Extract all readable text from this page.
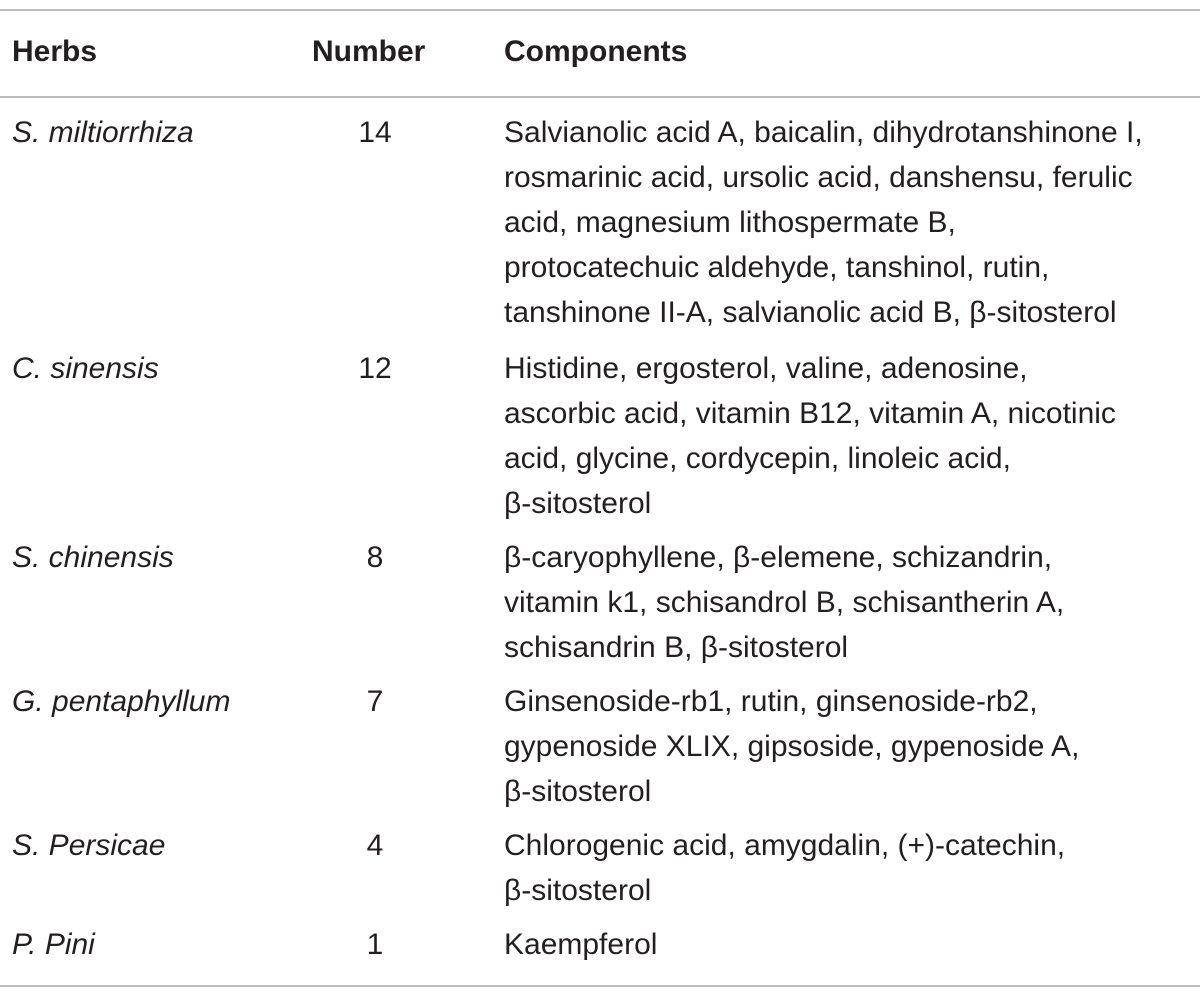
Herbs	Number	Components
S. miltiorrhiza	14	Salvianolic acid A, baicalin, dihydrotanshinone I,
rosmarinic acid, ursolic acid, danshensu, ferulic
acid, magnesium lithospermate B,
protocatechuic aldehyde, tanshinol, rutin,
tanshinone II-A, salvianolic acid B, β-sitosterol
C. sinensis	12	Histidine, ergosterol, valine, adenosine,
ascorbic acid, vitamin B12, vitamin A, nicotinic
acid, glycine, cordycepin, linoleic acid,
β-sitosterol
S. chinensis	8	β-caryophyllene, β-elemene, schizandrin,
vitamin k1, schisandrol B, schisantherin A,
schisandrin B, β-sitosterol
G. pentaphyllum	7	Ginsenoside-rb1, rutin, ginsenoside-rb2,
gypenoside XLIX, gipsoside, gypenoside A,
β-sitosterol
S. Persicae	4	Chlorogenic acid, amygdalin, (+)-catechin,
β-sitosterol
P. Pini	1	Kaempferol
